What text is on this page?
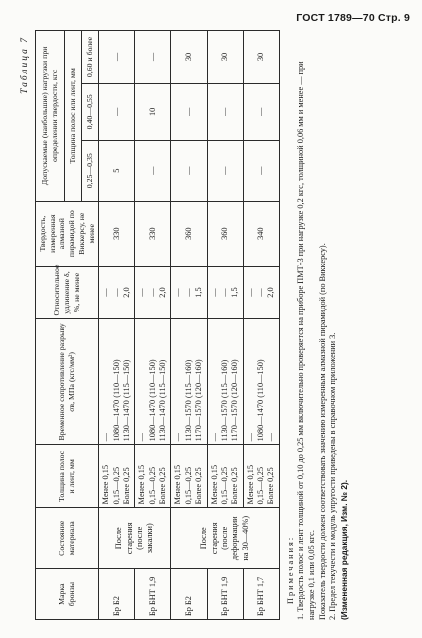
ГОСТ 1789—70 Стр. 9
Таблица 7
Марка бронзы	Состояние материала	Толщина полос и лент, мм	Временное сопротивление разрыву σв, МПа (кгс/мм²)	Относительное удлинение δ, %, не менее	Твердость, измеренная алмазной пирамидой по Виккерсу, не менее	Допускаемые (наибольшие) нагрузки при определении твердости, кгс		
						Толщина полос или лент, мм		
						0,25—0,35	0,40—0,55	0,60 и более
Бр Б2	После старения (после закалки)	Менее 0,15 0,15—0,25 Более 0,25	— 1080—1470 (110—150) 1130—1470 (115—150)	— — 2,0	330	5	—	—
Бр БНТ 1,9		Менее 0,15 0,15—0,25 Более 0,25	— 1080—1470 (110—150) 1130—1470 (115—150)	— — 2,0	330	—	10	—
Бр Б2	После старения (после деформации на 30—40%)	Менее 0,15 0,15—0,25 Более 0,25	— 1130—1570 (115—160) 1170—1570 (120—160)	— — 1,5	360	—	—	30
Бр БНТ 1,9		Менее 0,15 0,15—0,25 Более 0,25	— 1130—1570 (115—160) 1170—1570 (120—160)	— — 1,5	360	—	—	30
Бр БНТ 1,7		Менее 0,15 0,15—0,25 Более 0,25	— 1080—1470 (110—150) —	— — 2,0	340	—	—	30

Примечания: 1. Твердость полос и лент толщиной от 0,10 до 0,25 мм включительно проверяется на приборе ПМТ-3 при нагрузке 0,2 кгс, толщиной 0,06 мм и менее — при нагрузке 0,1 или 0,05 кгс. Показатель твердости должен соответствовать значению измеренным алмазной пирамидой (по Виккерсу). 2. Предел текучести и модуль упругости приведены в справочном приложении 3. (Измененная редакция, Изм. № 2).
